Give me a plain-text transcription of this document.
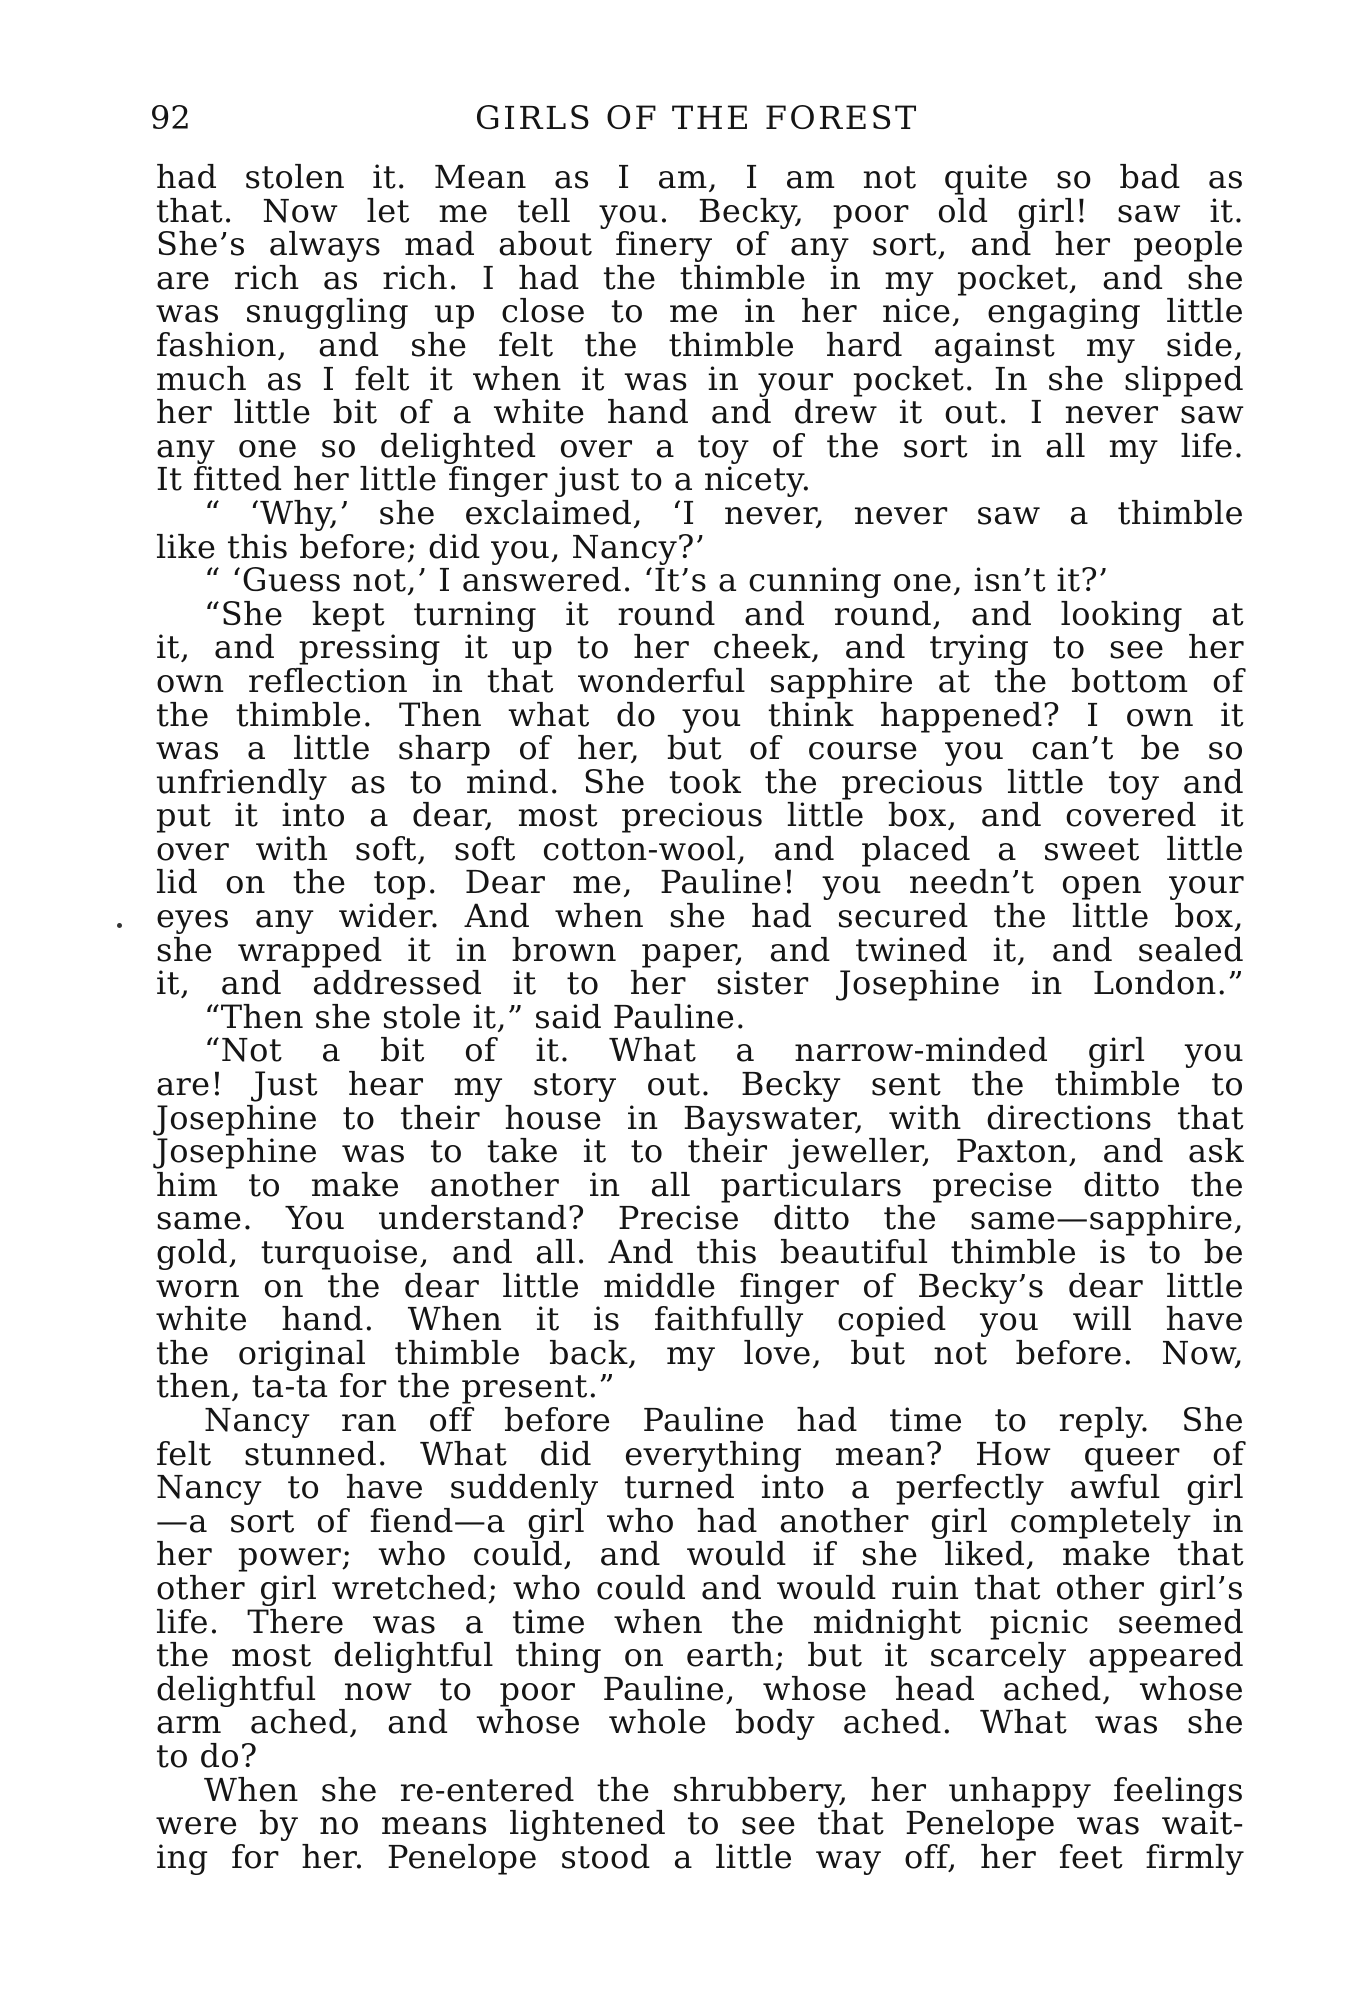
92	GIRLS OF THE FOREST
had stolen it. Mean as I am, I am not quite so bad as
that. Now let me tell you. Becky, poor old girl! saw it.
She’s always mad about finery of any sort, and her people
are rich as rich. I had the thimble in my pocket, and she
was snuggling up close to me in her nice, engaging little
fashion, and she felt the thimble hard against my side,
much as I felt it when it was in your pocket. In she slipped
her little bit of a white hand and drew it out. I never saw
any one so delighted over a toy of the sort in all my life.
It fitted her little finger just to a nicety.
“ ‘Why,’ she exclaimed, ‘I never, never saw a thimble
like this before; did you, Nancy?’
“ ‘Guess not,’ I answered. ‘It’s a cunning one, isn’t it?’
“She kept turning it round and round, and looking at
it, and pressing it up to her cheek, and trying to see her
own reflection in that wonderful sapphire at the bottom of
the thimble. Then what do you think happened? I own it
was a little sharp of her, but of course you can’t be so
unfriendly as to mind. She took the precious little toy and
put it into a dear, most precious little box, and covered it
over with soft, soft cotton-wool, and placed a sweet little
lid on the top. Dear me, Pauline! you needn’t open your
eyes any wider. And when she had secured the little box,
she wrapped it in brown paper, and twined it, and sealed
it, and addressed it to her sister Josephine in London.”
“Then she stole it,” said Pauline.
“Not a bit of it. What a narrow-minded girl you
are! Just hear my story out. Becky sent the thimble to
Josephine to their house in Bayswater, with directions that
Josephine was to take it to their jeweller, Paxton, and ask
him to make another in all particulars precise ditto the
same. You understand? Precise ditto the same—sapphire,
gold, turquoise, and all. And this beautiful thimble is to be
worn on the dear little middle finger of Becky’s dear little
white hand. When it is faithfully copied you will have
the original thimble back, my love, but not before. Now,
then, ta-ta for the present.”
Nancy ran off before Pauline had time to reply. She
felt stunned. What did everything mean? How queer of
Nancy to have suddenly turned into a perfectly awful girl
—a sort of fiend—a girl who had another girl completely in
her power; who could, and would if she liked, make that
other girl wretched; who could and would ruin that other girl’s
life. There was a time when the midnight picnic seemed
the most delightful thing on earth; but it scarcely appeared
delightful now to poor Pauline, whose head ached, whose
arm ached, and whose whole body ached. What was she
to do?
When she re-entered the shrubbery, her unhappy feelings
were by no means lightened to see that Penelope was wait-
ing for her. Penelope stood a little way off, her feet firmly
